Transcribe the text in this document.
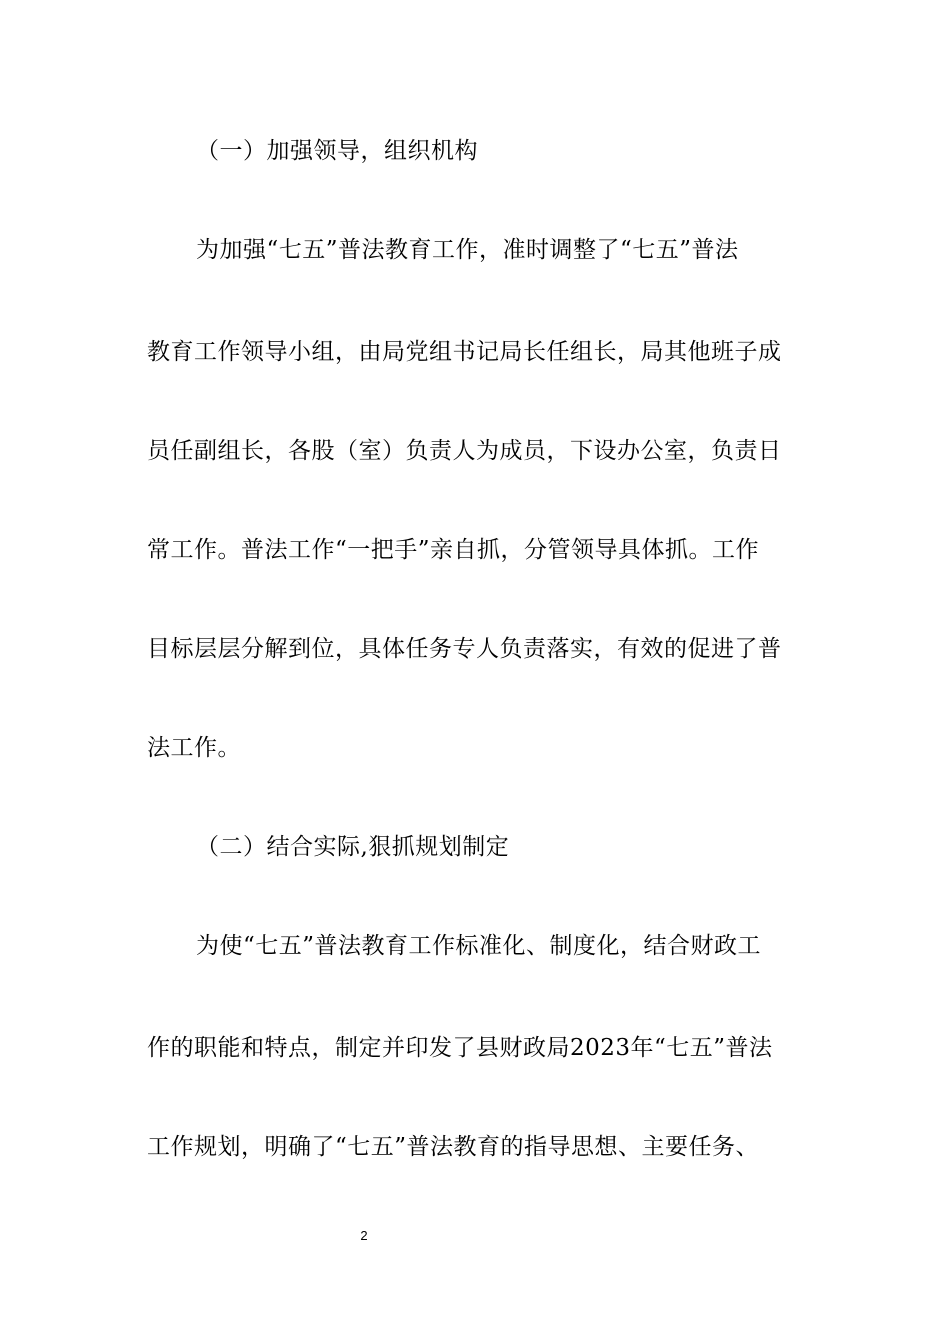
（一）加强领导，组织机构
为加强“七五”普法教育工作，准时调整了“七五”普法
教育工作领导小组，由局党组书记局长任组长，局其他班子成
员任副组长，各股（室）负责人为成员，下设办公室，负责日
常工作。普法工作“一把手”亲自抓，分管领导具体抓。工作
目标层层分解到位，具体任务专人负责落实，有效的促进了普
法工作。
（二）结合实际,狠抓规划制定
为使“七五”普法教育工作标准化、制度化，结合财政工
作的职能和特点，制定并印发了县财政局2023年“七五”普法
工作规划，明确了“七五”普法教育的指导思想、主要任务、
2
